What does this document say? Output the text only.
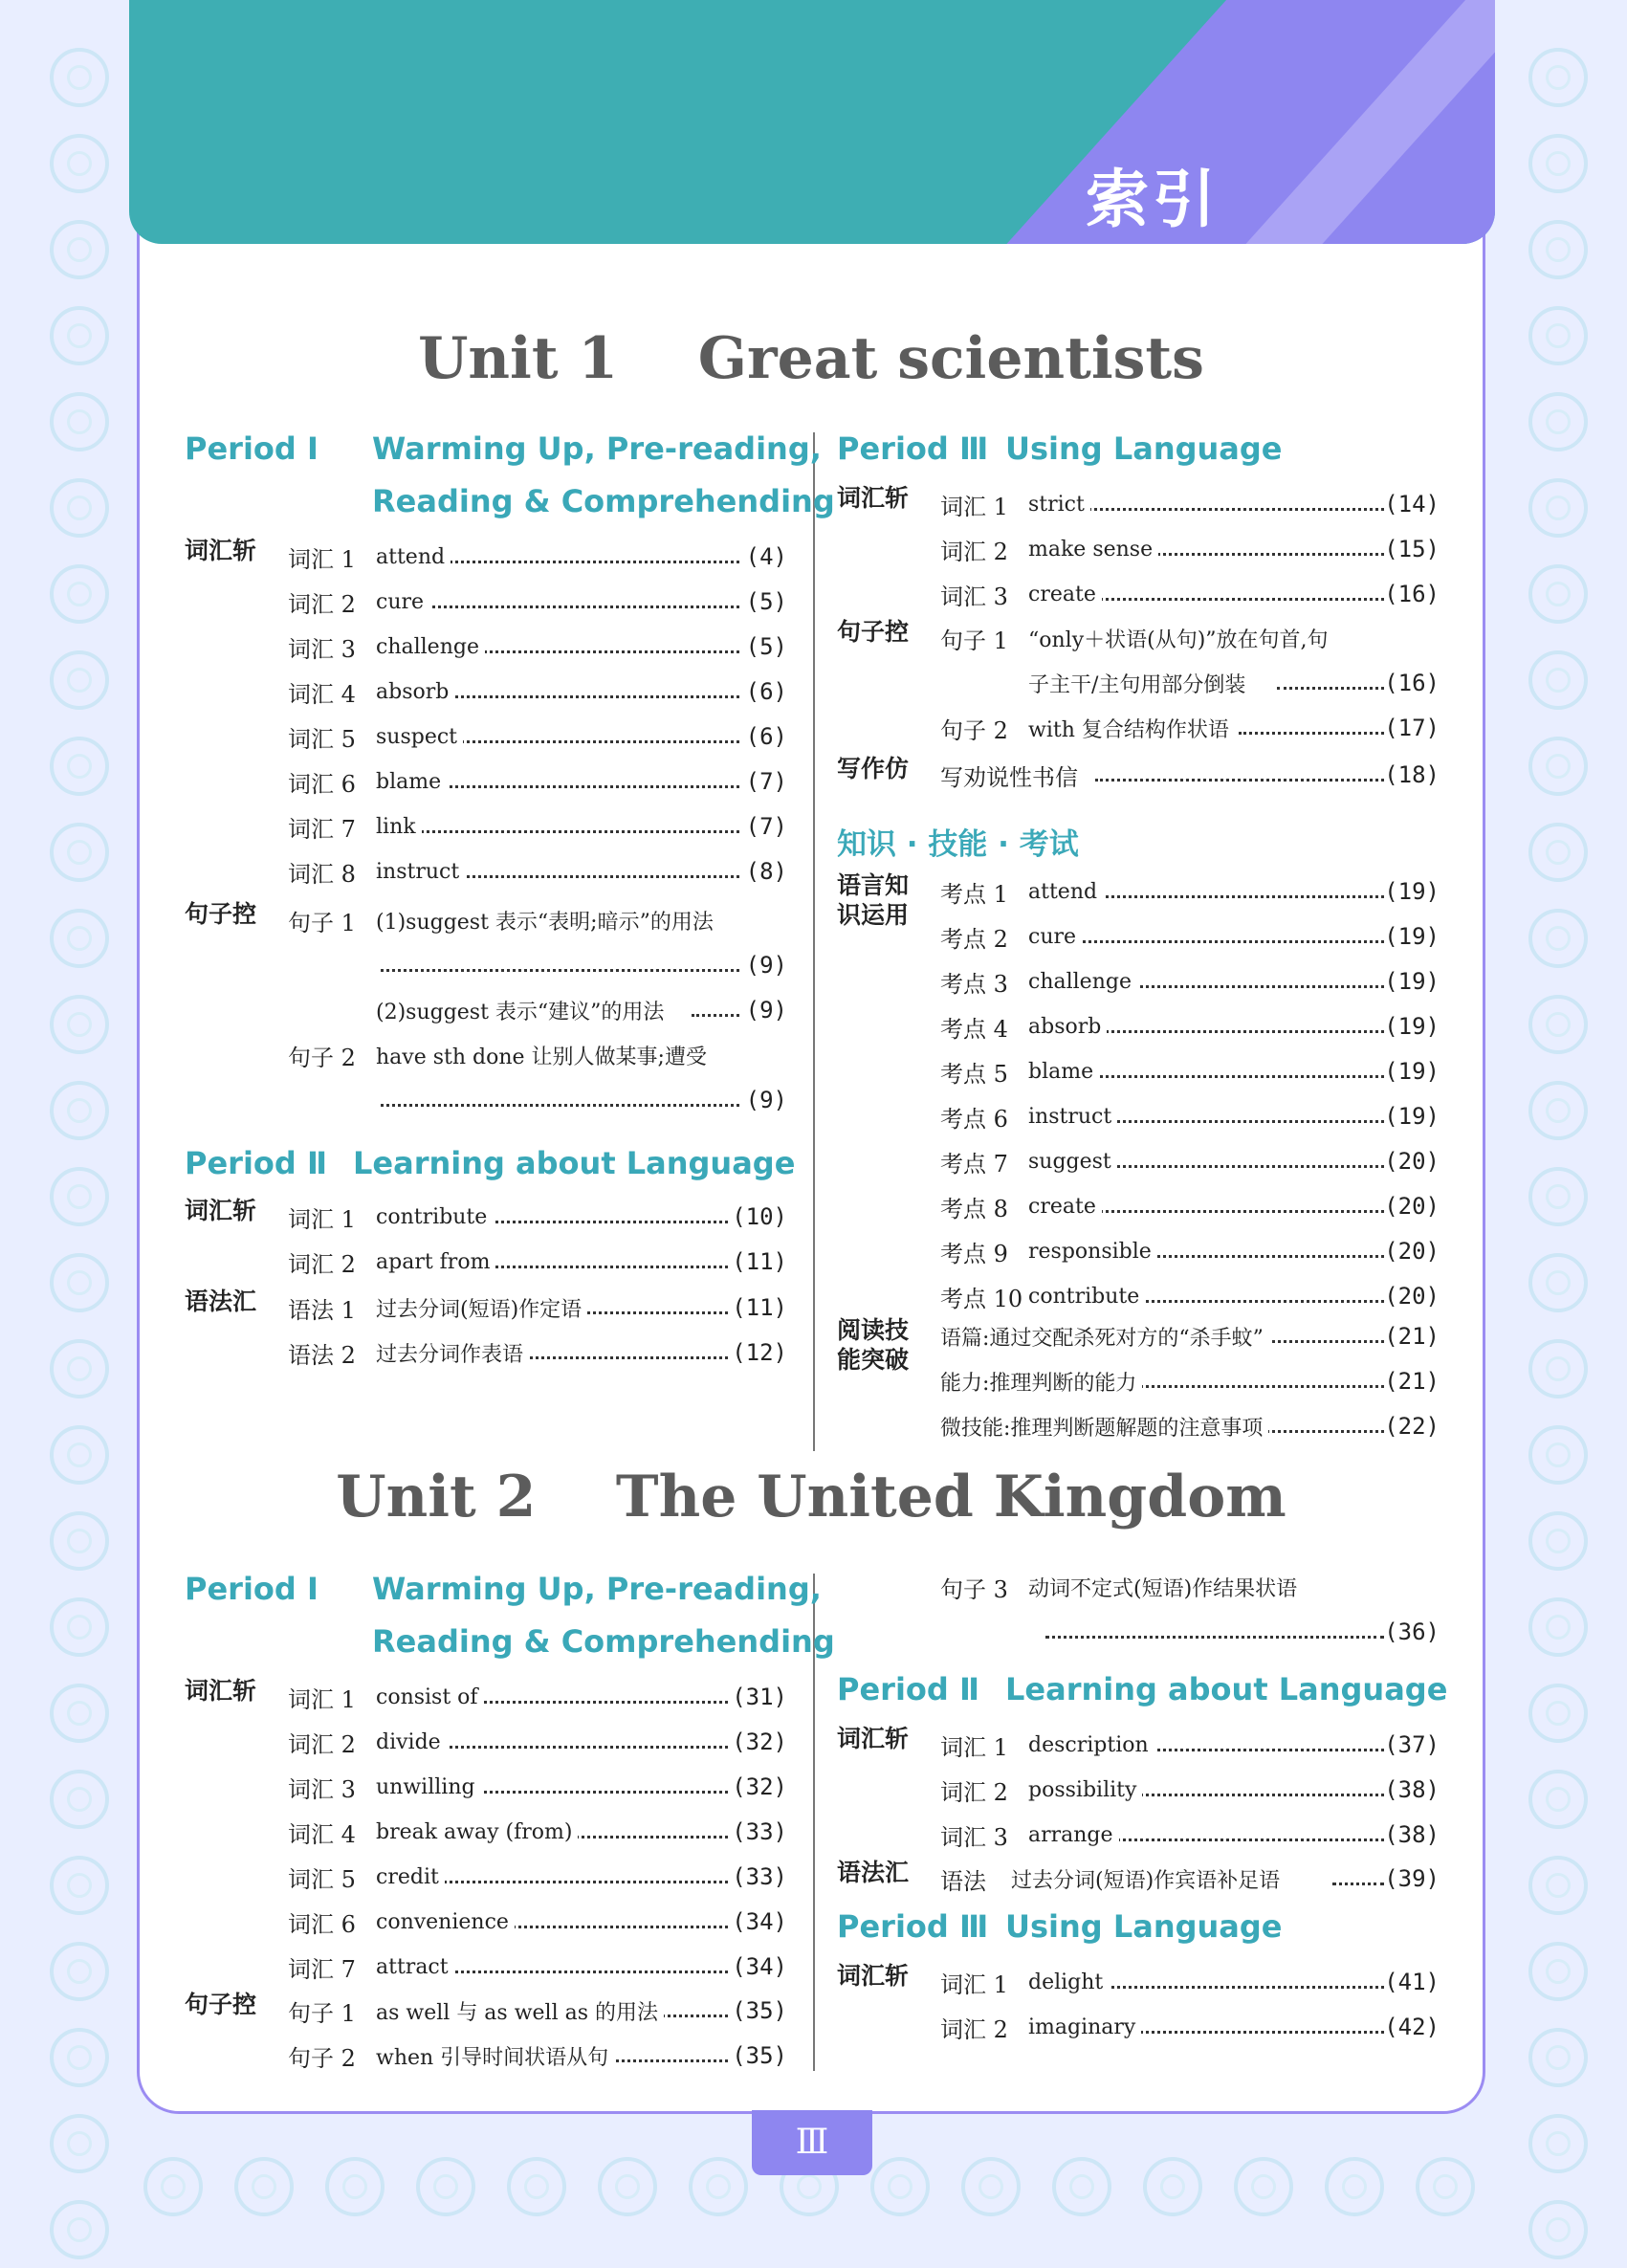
索引
Unit 1    Great scientists
Unit 2    The United Kingdom
Period Ⅰ Warming Up, Pre-reading,
Reading & Comprehending
词汇斩	词汇 1 attend	(4)
词汇 2 cure	(5)
词汇 3 challenge	(5)
词汇 4 absorb	(6)
词汇 5 suspect	(6)
词汇 6 blame	(7)
词汇 7 link	(7)
词汇 8 instruct	(8)
句子控	句子 1 (1)suggest 表示“表明;暗示”的用法
(9)
(2)suggest 表示“建议”的用法	(9)
句子 2 have sth done 让别人做某事;遭受
(9)
Period Ⅱ Learning about Language
词汇斩	词汇 1 contribute	(10)
词汇 2 apart from	(11)
语法汇	语法 1 过去分词(短语)作定语	(11)
语法 2 过去分词作表语	(12)
Period Ⅲ Using Language
词汇斩	词汇 1 strict	(14)
词汇 2 make sense	(15)
词汇 3 create	(16)
句子控	句子 1 “only＋状语(从句)”放在句首,句
子主干/主句用部分倒装	(16)
句子 2 with 复合结构作状语	(17)
写作仿	写劝说性书信	(18)
知识 · 技能 · 考试
语言知识运用
考点 1 attend	(19)
考点 2 cure	(19)
考点 3 challenge	(19)
考点 4 absorb	(19)
考点 5 blame	(19)
考点 6 instruct	(19)
考点 7 suggest	(20)
考点 8 create	(20)
考点 9 responsible	(20)
考点 10 contribute	(20)
阅读技能突破
语篇:通过交配杀死对方的“杀手蚊”	(21)
能力:推理判断的能力	(21)
微技能:推理判断题解题的注意事项	(22)
Period Ⅰ Warming Up, Pre-reading,
Reading & Comprehending
词汇斩	词汇 1 consist of	(31)
词汇 2 divide	(32)
词汇 3 unwilling	(32)
词汇 4 break away (from)	(33)
词汇 5 credit	(33)
词汇 6 convenience	(34)
词汇 7 attract	(34)
句子控	句子 1 as well 与 as well as 的用法	(35)
句子 2 when 引导时间状语从句	(35)
句子 3 动词不定式(短语)作结果状语
(36)
Period Ⅱ Learning about Language
词汇斩	词汇 1 description	(37)
词汇 2 possibility	(38)
词汇 3 arrange	(38)
语法汇	语法 过去分词(短语)作宾语补足语	(39)
Period Ⅲ Using Language
词汇斩	词汇 1 delight	(41)
词汇 2 imaginary	(42)
Ⅲ
